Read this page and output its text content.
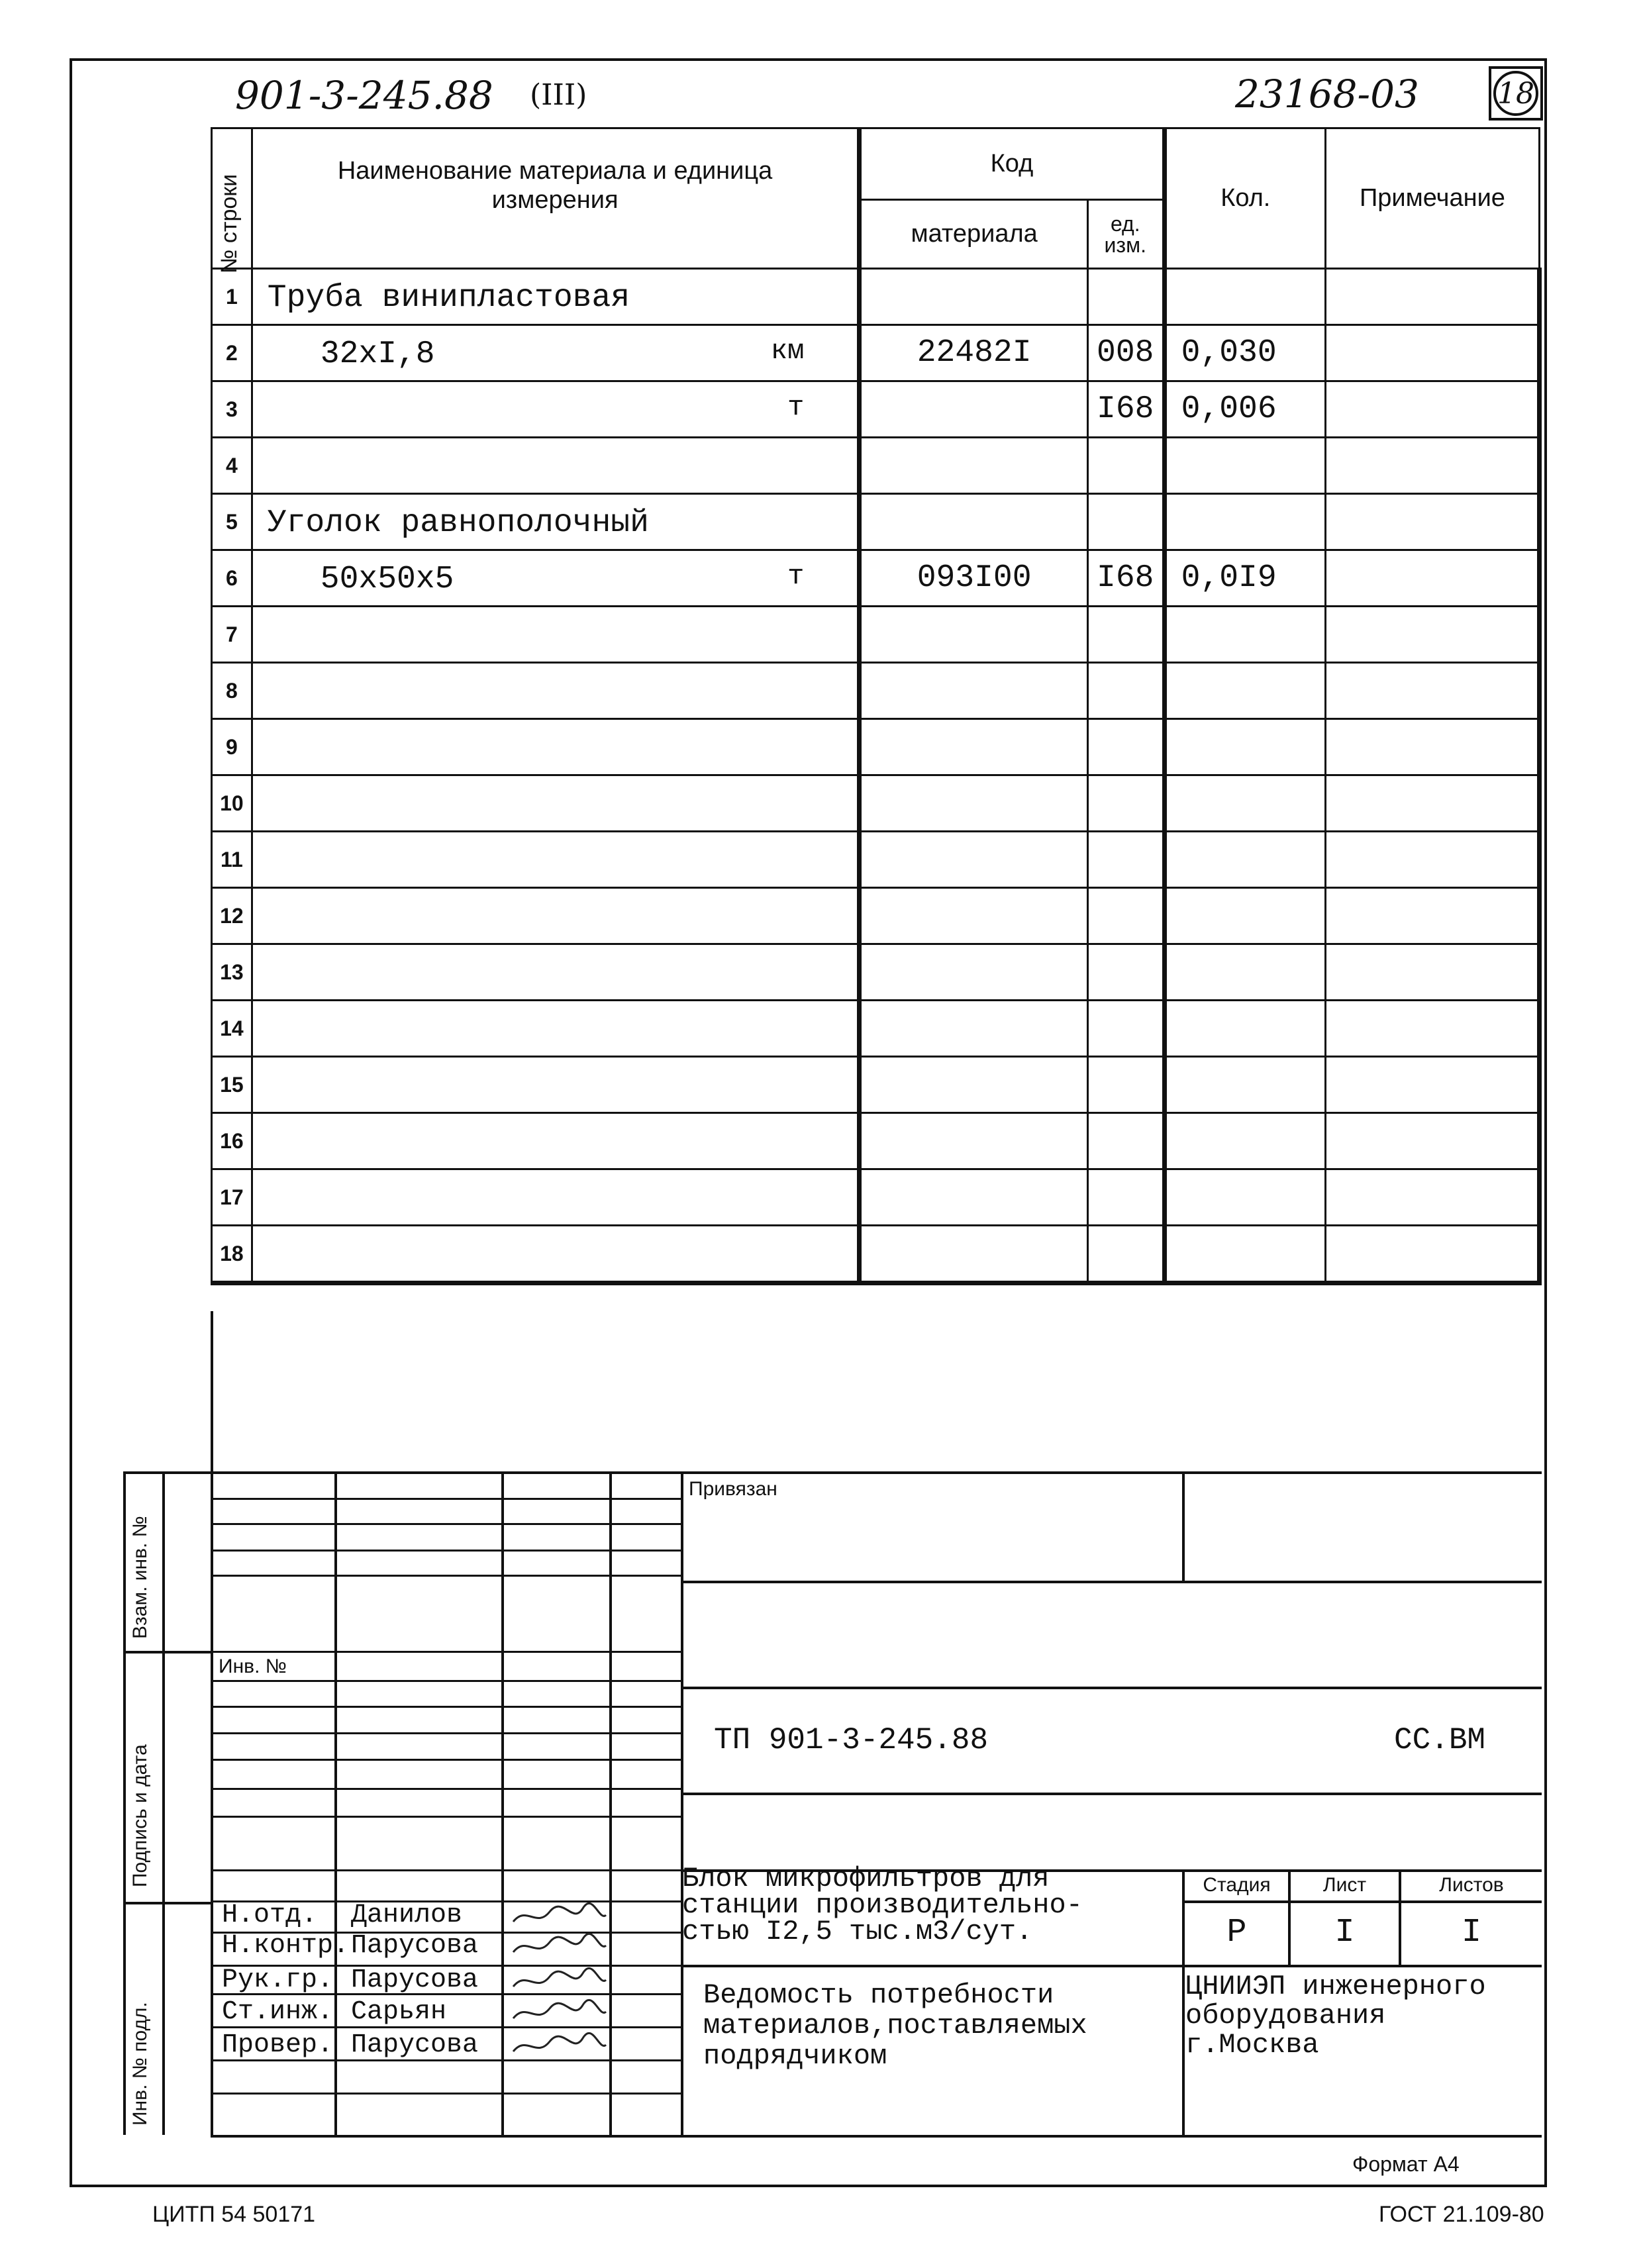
901-3-245.88 (III)	23168-03	18
№ строки	Наименование материала и единица измерения	Код		Кол.	Примечание
		материала	ед. изм.		
1	Труба винипластовая

2	32xI,8 км	22482I	008	0,030	
3	т		I68	0,006	
4	

5	Уголок равнополочный

6	50x50x5 т	093I00	I68	0,0I9	
7	

8	

9	

10	

11	

12	

13	

14	

15	

16	

17	

18	

Взам. инв. №
Подпись и дата
Инв. № подл.
Привязан
Инв. №
ТП 901-3-245.88	СС.ВМ
Блок микрофильтров для
станции производительно-
стью I2,5 тыс.м3/сут.
Ведомость потребности
материалов,поставляемых
подрядчиком
Стадия	Лист	Листов
Р	I	I
ЦНИИЭП инженерного
оборудования
г.Москва
Н.отд. Данилов
Н.контр. Парусова
Рук.гр. Парусова
Ст.инж. Сарьян
Провер. Парусова
Формат А4
ЦИТП 54 50171	ГОСТ 21.109-80
